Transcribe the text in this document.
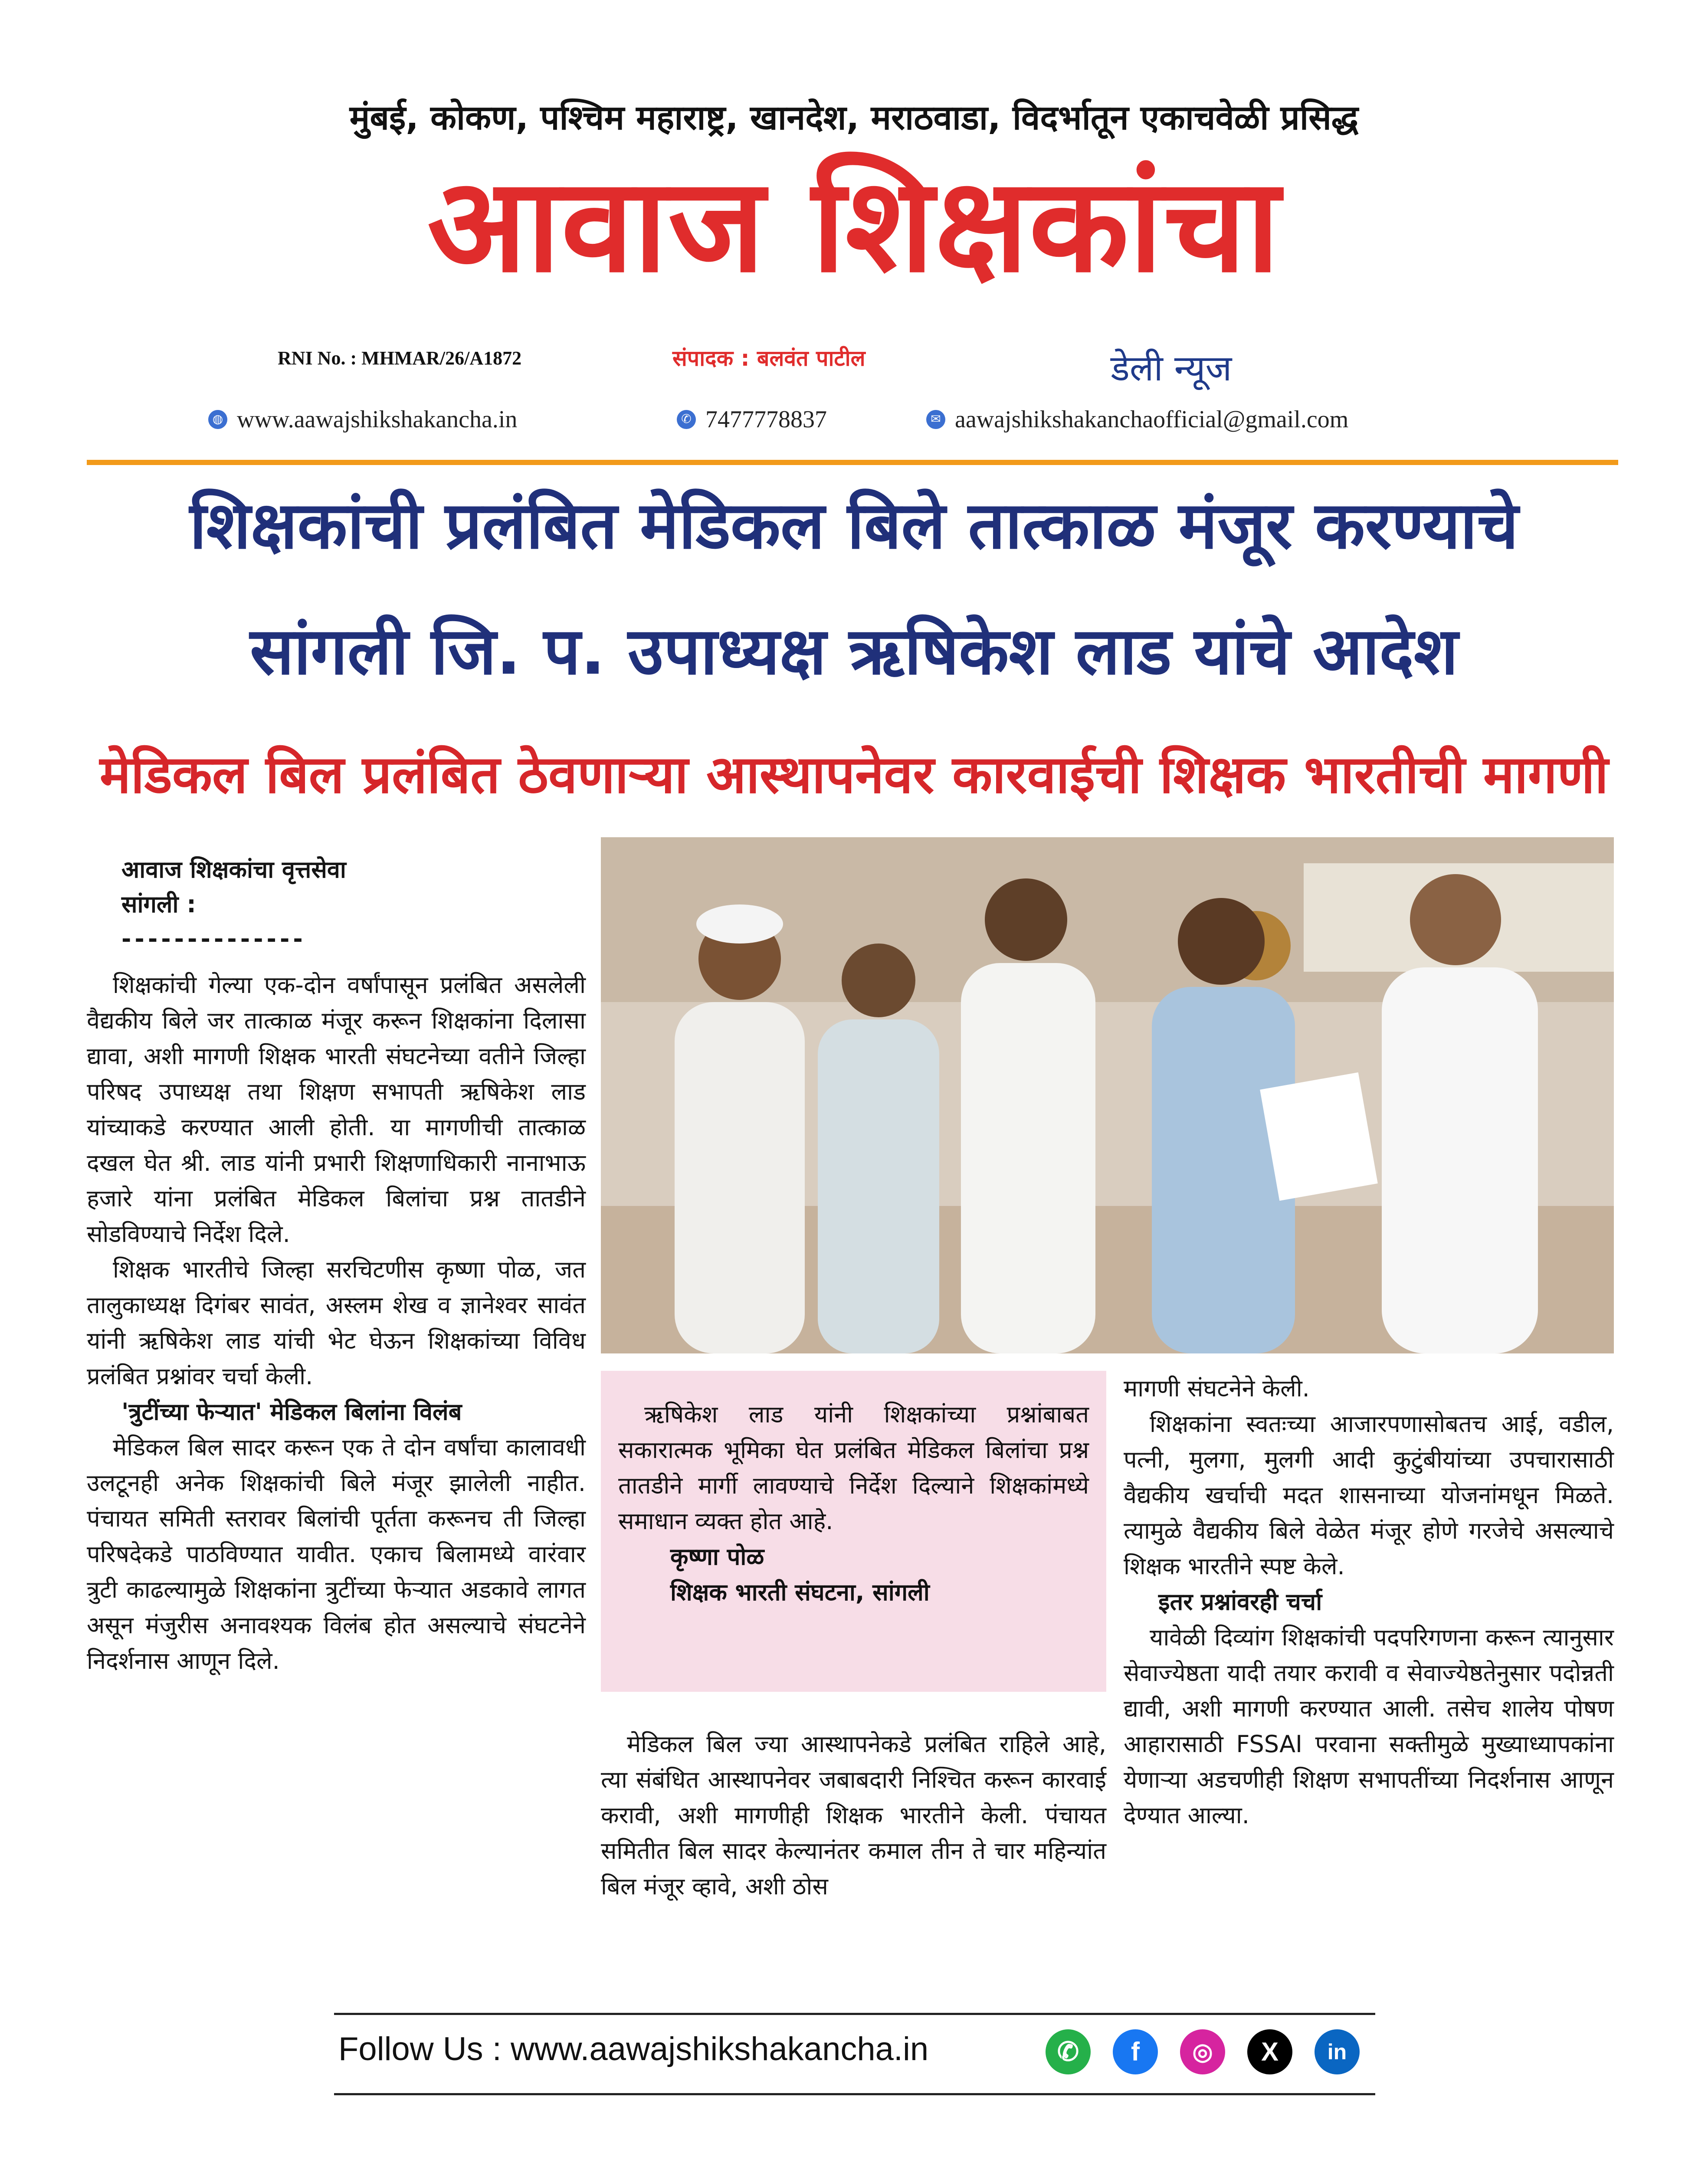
मुंबई, कोकण, पश्चिम महाराष्ट्र, खानदेश, मराठवाडा, विदर्भातून एकाचवेळी प्रसिद्ध
आवाज शिक्षकांचा
RNI No. : MHMAR/26/A1872	संपादक : बलवंत पाटील	डेली न्यूज
◍ www.aawajshikshakancha.in	✆ 7477778837	✉ aawajshikshakanchaofficial@gmail.com
शिक्षकांची प्रलंबित मेडिकल बिले तात्काळ मंजूर करण्याचे
सांगली जि. प. उपाध्यक्ष ऋषिकेश लाड यांचे आदेश
मेडिकल बिल प्रलंबित ठेवणाऱ्या आस्थापनेवर कारवाईची शिक्षक भारतीची मागणी
आवाज शिक्षकांचा वृत्तसेवा
सांगली :
--------------

शिक्षकांची गेल्या एक-दोन वर्षांपासून प्रलंबित असलेली वैद्यकीय बिले जर तात्काळ मंजूर करून शिक्षकांना दिलासा द्यावा, अशी मागणी शिक्षक भारती संघटनेच्या वतीने जिल्हा परिषद उपाध्यक्ष तथा शिक्षण सभापती ऋषिकेश लाड यांच्याकडे करण्यात आली होती. या मागणीची तात्काळ दखल घेत श्री. लाड यांनी प्रभारी शिक्षणाधिकारी नानाभाऊ हजारे यांना प्रलंबित मेडिकल बिलांचा प्रश्न तातडीने सोडविण्याचे निर्देश दिले.

शिक्षक भारतीचे जिल्हा सरचिटणीस कृष्णा पोळ, जत तालुकाध्यक्ष दिगंबर सावंत, अस्लम शेख व ज्ञानेश्वर सावंत यांनी ऋषिकेश लाड यांची भेट घेऊन शिक्षकांच्या विविध प्रलंबित प्रश्नांवर चर्चा केली.

'त्रुटींच्या फेऱ्यात' मेडिकल बिलांना विलंब

मेडिकल बिल सादर करून एक ते दोन वर्षांचा कालावधी उलटूनही अनेक शिक्षकांची बिले मंजूर झालेली नाहीत. पंचायत समिती स्तरावर बिलांची पूर्तता करूनच ती जिल्हा परिषदेकडे पाठविण्यात यावीत. एकाच बिलामध्ये वारंवार त्रुटी काढल्यामुळे शिक्षकांना त्रुटींच्या फेऱ्यात अडकावे लागत असून मंजुरीस अनावश्यक विलंब होत असल्याचे संघटनेने निदर्शनास आणून दिले.

ऋषिकेश लाड यांनी शिक्षकांच्या प्रश्नांबाबत सकारात्मक भूमिका घेत प्रलंबित मेडिकल बिलांचा प्रश्न तातडीने मार्गी लावण्याचे निर्देश दिल्याने शिक्षकांमध्ये समाधान व्यक्त होत आहे.

कृष्णा पोळ

शिक्षक भारती संघटना, सांगली

मेडिकल बिल ज्या आस्थापनेकडे प्रलंबित राहिले आहे, त्या संबंधित आस्थापनेवर जबाबदारी निश्चित करून कारवाई करावी, अशी मागणीही शिक्षक भारतीने केली. पंचायत समितीत बिल सादर केल्यानंतर कमाल तीन ते चार महिन्यांत बिल मंजूर व्हावे, अशी ठोस

मागणी संघटनेने केली.

शिक्षकांना स्वतःच्या आजारपणासोबतच आई, वडील, पत्नी, मुलगा, मुलगी आदी कुटुंबीयांच्या उपचारासाठी वैद्यकीय खर्चाची मदत शासनाच्या योजनांमधून मिळते. त्यामुळे वैद्यकीय बिले वेळेत मंजूर होणे गरजेचे असल्याचे शिक्षक भारतीने स्पष्ट केले.

इतर प्रश्नांवरही चर्चा

यावेळी दिव्यांग शिक्षकांची पदपरिगणना करून त्यानुसार सेवाज्येष्ठता यादी तयार करावी व सेवाज्येष्ठतेनुसार पदोन्नती द्यावी, अशी मागणी करण्यात आली. तसेच शालेय पोषण आहारासाठी FSSAI परवाना सक्तीमुळे मुख्याध्यापकांना येणाऱ्या अडचणीही शिक्षण सभापतींच्या निदर्शनास आणून देण्यात आल्या.

Follow Us : www.aawajshikshakancha.in	✆	f	◎	X	in
